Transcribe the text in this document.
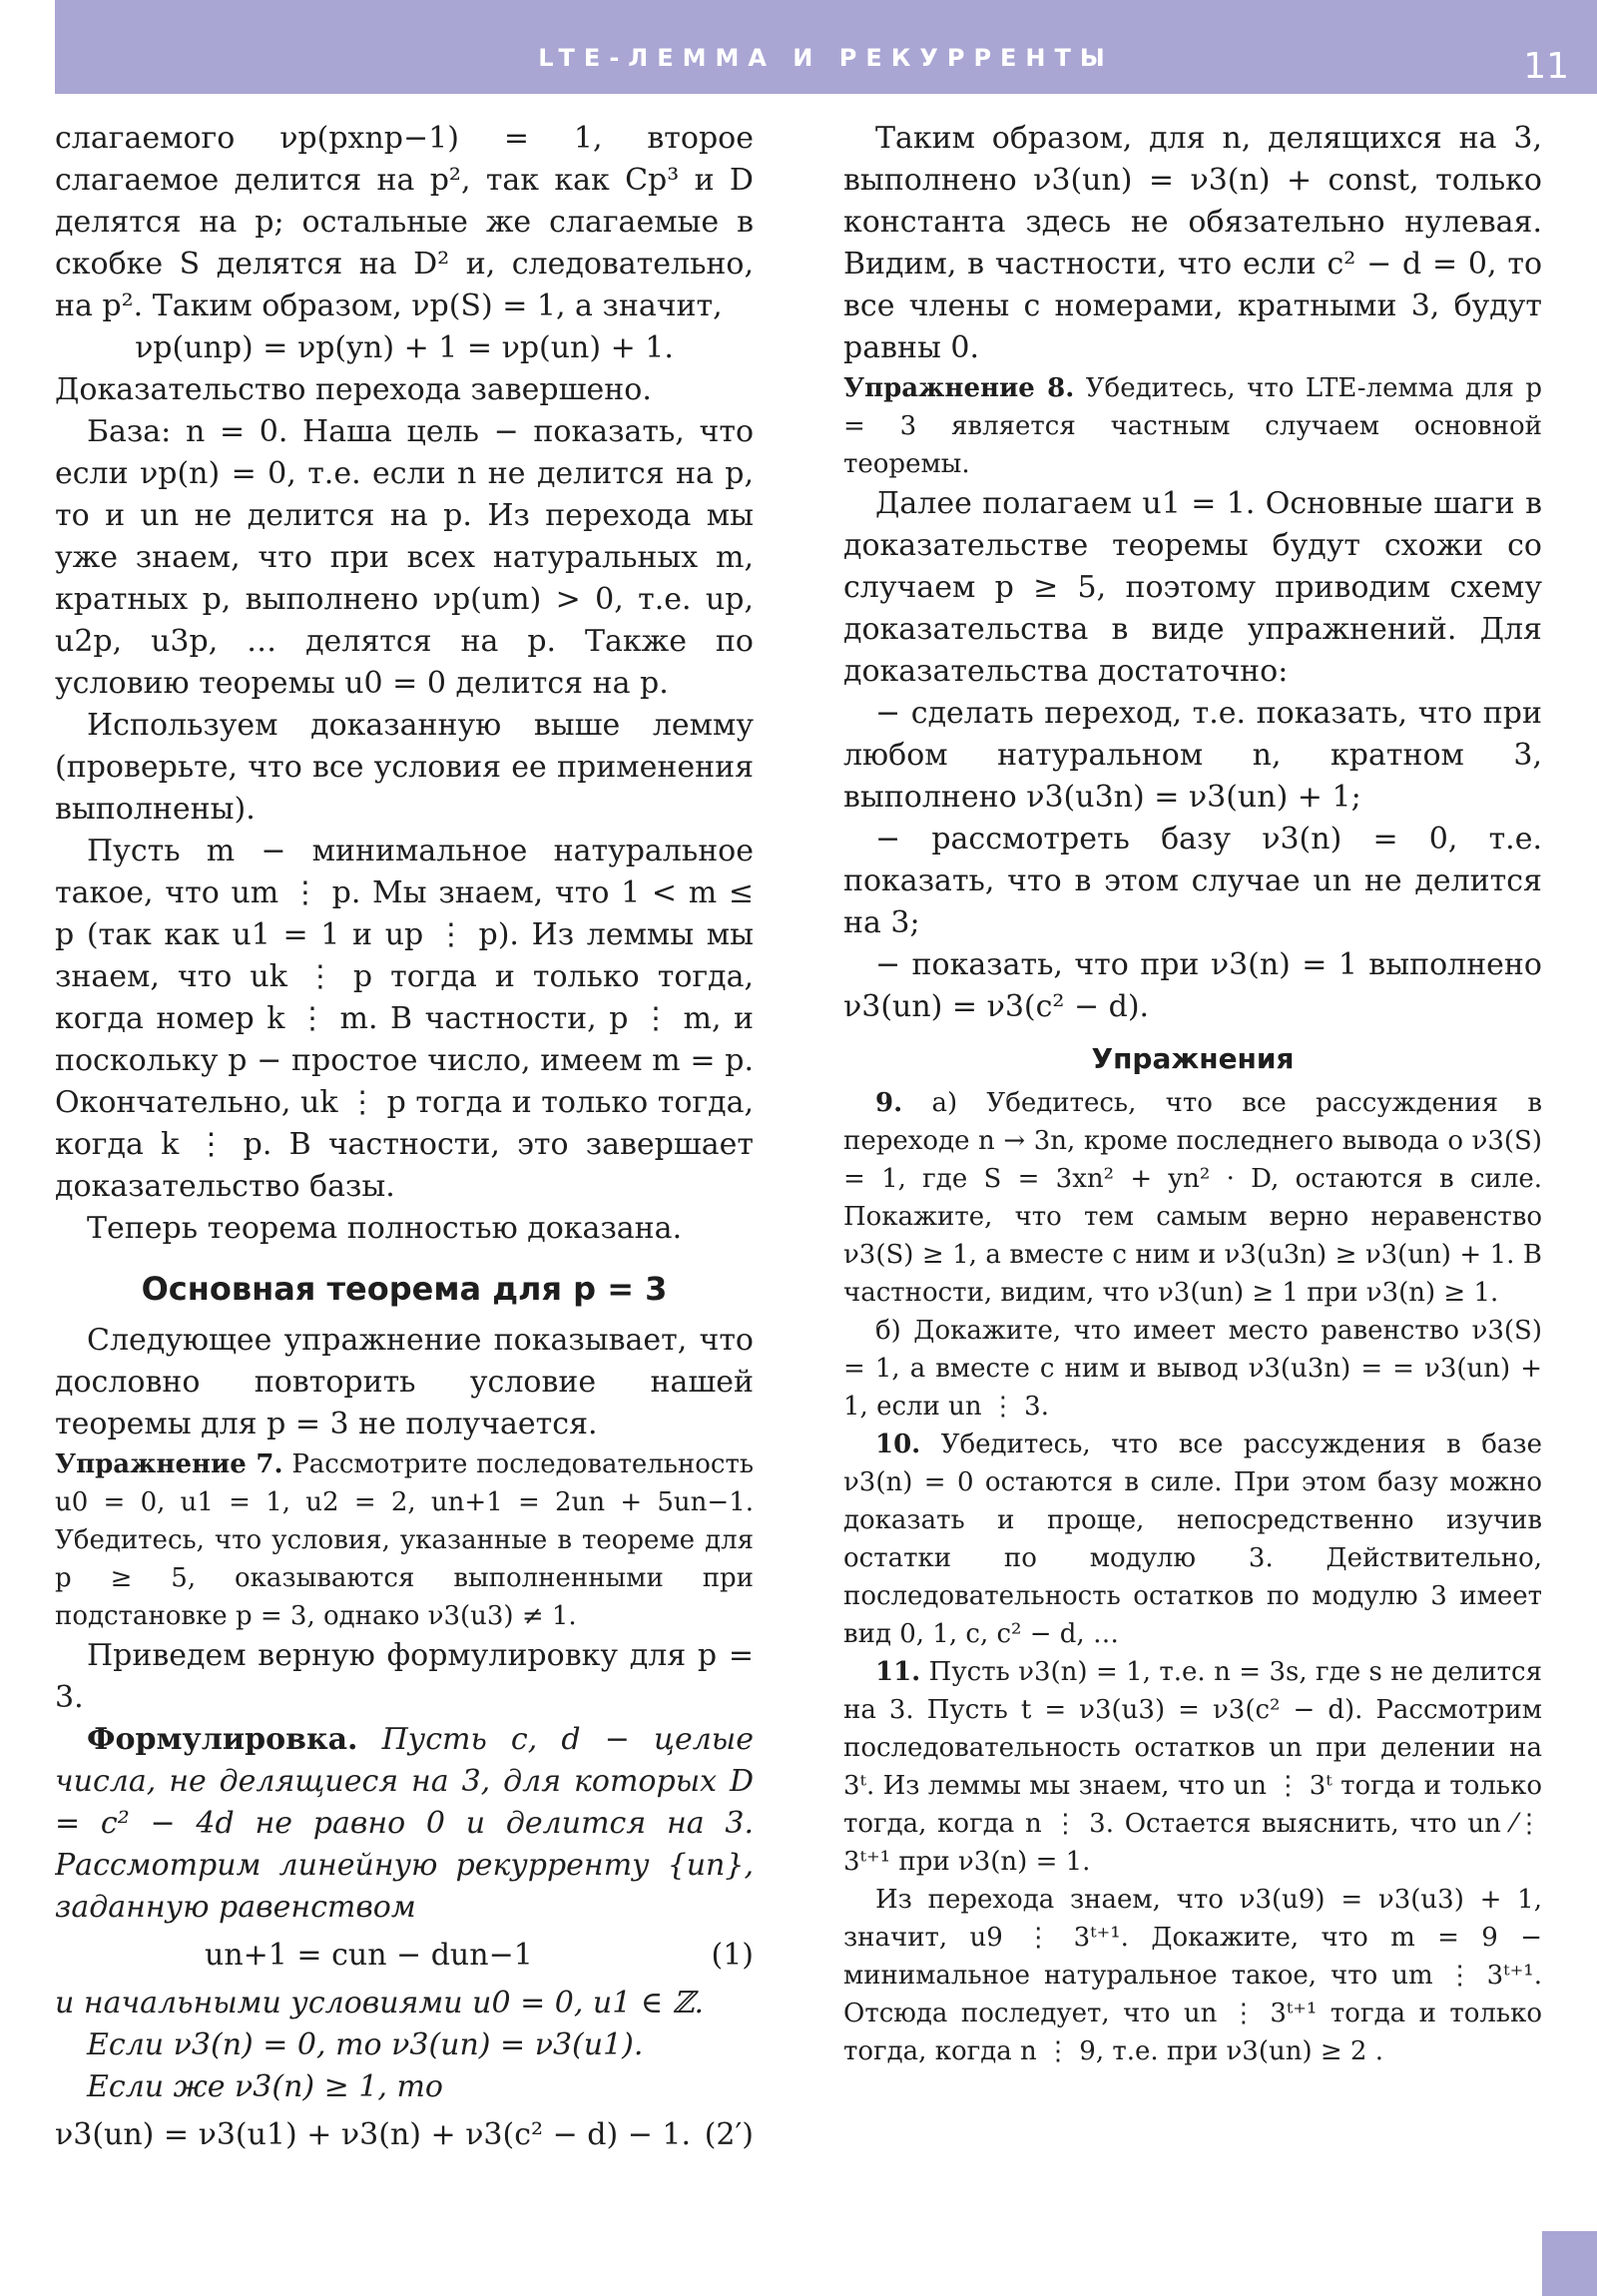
LTE-ЛЕММА И РЕКУРРЕНТЫ	11

слагаемого νp(pxnp−1) = 1, второе слагаемое делится на p², так как Cp³ и D делятся на p; остальные же слагаемые в скобке S делятся на D² и, следовательно, на p². Таким образом, νp(S) = 1, а значит,

νp(unp) = νp(yn) + 1 = νp(un) + 1.

Доказательство перехода завершено.

База: n = 0. Наша цель − показать, что если νp(n) = 0, т.е. если n не делится на p, то и un не делится на p. Из перехода мы уже знаем, что при всех натуральных m, кратных p, выполнено νp(um) > 0, т.е. up, u2p, u3p, … делятся на p. Также по условию теоремы u0 = 0 делится на p.

Используем доказанную выше лемму (проверьте, что все условия ее применения выполнены).

Пусть m − минимальное натуральное такое, что um ⋮ p. Мы знаем, что 1 < m ≤ p (так как u1 = 1 и up ⋮ p). Из леммы мы знаем, что uk ⋮ p тогда и только тогда, когда номер k ⋮ m. В частности, p ⋮ m, и поскольку p − простое число, имеем m = p. Окончательно, uk ⋮ p тогда и только тогда, когда k ⋮ p. В частности, это завершает доказательство базы.

Теперь теорема полностью доказана.

Основная теорема для p = 3

Следующее упражнение показывает, что дословно повторить условие нашей теоремы для p = 3 не получается.

Упражнение 7. Рассмотрите последовательность u0 = 0, u1 = 1, u2 = 2, un+1 = 2un + 5un−1. Убедитесь, что условия, указанные в теореме для p ≥ 5, оказываются выполненными при подстановке p = 3, однако ν3(u3) ≠ 1.

Приведем верную формулировку для p = 3.

Формулировка. Пусть c, d − целые числа, не делящиеся на 3, для которых D = c² − 4d не равно 0 и делится на 3. Рассмотрим линейную рекурренту {un}, заданную равенством

un+1 = cun − dun−1	(1)

и начальными условиями u0 = 0, u1 ∈ ℤ.

Если ν3(n) = 0, то ν3(un) = ν3(u1).

Если же ν3(n) ≥ 1, то

ν3(un) = ν3(u1) + ν3(n) + ν3(c² − d) − 1. (2′)

Таким образом, для n, делящихся на 3, выполнено ν3(un) = ν3(n) + const, только константа здесь не обязательно нулевая. Видим, в частности, что если c² − d = 0, то все члены с номерами, кратными 3, будут равны 0.

Упражнение 8. Убедитесь, что LTE-лемма для p = 3 является частным случаем основной теоремы.

Далее полагаем u1 = 1. Основные шаги в доказательстве теоремы будут схожи со случаем p ≥ 5, поэтому приводим схему доказательства в виде упражнений. Для доказательства достаточно:

− сделать переход, т.е. показать, что при любом натуральном n, кратном 3, выполнено ν3(u3n) = ν3(un) + 1;

− рассмотреть базу ν3(n) = 0, т.е. показать, что в этом случае un не делится на 3;

− показать, что при ν3(n) = 1 выполнено ν3(un) = ν3(c² − d).

Упражнения

9. а) Убедитесь, что все рассуждения в переходе n → 3n, кроме последнего вывода о ν3(S) = 1, где S = 3xn² + yn² · D, остаются в силе. Покажите, что тем самым верно неравенство ν3(S) ≥ 1, а вместе с ним и ν3(u3n) ≥ ν3(un) + 1. В частности, видим, что ν3(un) ≥ 1 при ν3(n) ≥ 1.

б) Докажите, что имеет место равенство ν3(S) = 1, а вместе с ним и вывод ν3(u3n) = = ν3(un) + 1, если un ⋮ 3.

10. Убедитесь, что все рассуждения в базе ν3(n) = 0 остаются в силе. При этом базу можно доказать и проще, непосредственно изучив остатки по модулю 3. Действительно, последовательность остатков по модулю 3 имеет вид 0, 1, c, c² − d, …

11. Пусть ν3(n) = 1, т.е. n = 3s, где s не делится на 3. Пусть t = ν3(u3) = ν3(c² − d). Рассмотрим последовательность остатков un при делении на 3ᵗ. Из леммы мы знаем, что un ⋮ 3ᵗ тогда и только тогда, когда n ⋮ 3. Остается выяснить, что un ⁄⋮ 3ᵗ⁺¹ при ν3(n) = 1.

Из перехода знаем, что ν3(u9) = ν3(u3) + 1, значит, u9 ⋮ 3ᵗ⁺¹. Докажите, что m = 9 − минимальное натуральное такое, что um ⋮ 3ᵗ⁺¹. Отсюда последует, что un ⋮ 3ᵗ⁺¹ тогда и только тогда, когда n ⋮ 9, т.е. при ν3(un) ≥ 2 .
